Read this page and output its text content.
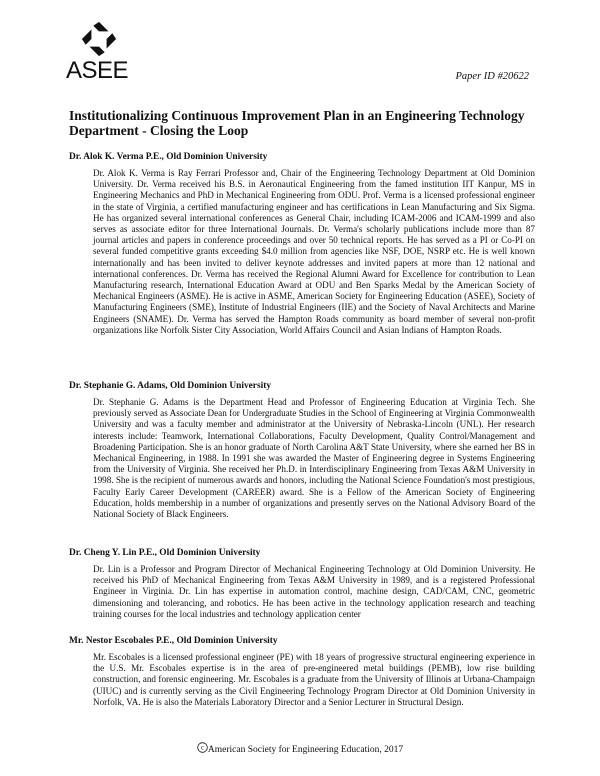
ASEE	Paper ID #20622
Institutionalizing Continuous Improvement Plan in an Engineering Technology Department - Closing the Loop

Dr. Alok K. Verma P.E., Old Dominion University

Dr. Alok K. Verma is Ray Ferrari Professor and, Chair of the Engineering Technology Department at Old Dominion University. Dr. Verma received his B.S. in Aeronautical Engineering from the famed institution IIT Kanpur, MS in Engineering Mechanics and PhD in Mechanical Engineering from ODU. Prof. Verma is a licensed professional engineer in the state of Virginia, a certified manufacturing engineer and has certifications in Lean Manufacturing and Six Sigma. He has organized several international conferences as General Chair, including ICAM-2006 and ICAM-1999 and also serves as associate editor for three International Journals. Dr. Verma's scholarly publications include more than 87 journal articles and papers in conference proceedings and over 50 technical reports. He has served as a PI or Co-PI on several funded competitive grants exceeding $4.0 million from agencies like NSF, DOE, NSRP etc. He is well known internationally and has been invited to deliver keynote addresses and invited papers at more than 12 national and international conferences. Dr. Verma has received the Regional Alumni Award for Excellence for contribution to Lean Manufacturing research, International Education Award at ODU and Ben Sparks Medal by the American Society of Mechanical Engineers (ASME). He is active in ASME, American Society for Engineering Education (ASEE), Society of Manufacturing Engineers (SME), Institute of Industrial Engineers (IIE) and the Society of Naval Architects and Marine Engineers (SNAME). Dr. Verma has served the Hampton Roads community as board member of several non-profit organizations like Norfolk Sister City Association, World Affairs Council and Asian Indians of Hampton Roads.

Dr. Stephanie G. Adams, Old Dominion University

Dr. Stephanie G. Adams is the Department Head and Professor of Engineering Education at Virginia Tech. She previously served as Associate Dean for Undergraduate Studies in the School of Engineering at Virginia Commonwealth University and was a faculty member and administrator at the University of Nebraska-Lincoln (UNL). Her research interests include: Teamwork, International Collaborations, Faculty Development, Quality Control/Management and Broadening Participation. She is an honor graduate of North Carolina A&T State University, where she earned her BS in Mechanical Engineering, in 1988. In 1991 she was awarded the Master of Engineering degree in Systems Engineering from the University of Virginia. She received her Ph.D. in Interdisciplinary Engineering from Texas A&M University in 1998. She is the recipient of numerous awards and honors, including the National Science Foundation's most prestigious, Faculty Early Career Development (CAREER) award. She is a Fellow of the American Society of Engineering Education, holds membership in a number of organizations and presently serves on the National Advisory Board of the National Society of Black Engineers.

Dr. Cheng Y. Lin P.E., Old Dominion University

Dr. Lin is a Professor and Program Director of Mechanical Engineering Technology at Old Dominion University. He received his PhD of Mechanical Engineering from Texas A&M University in 1989, and is a registered Professional Engineer in Virginia. Dr. Lin has expertise in automation control, machine design, CAD/CAM, CNC, geometric dimensioning and tolerancing, and robotics. He has been active in the technology application research and teaching training courses for the local industries and technology application center

Mr. Nestor Escobales P.E., Old Dominion University

Mr. Escobales is a licensed professional engineer (PE) with 18 years of progressive structural engineering experience in the U.S. Mr. Escobales expertise is in the area of pre-engineered metal buildings (PEMB), low rise building construction, and forensic engineering. Mr. Escobales is a graduate from the University of Illinois at Urbana-Champaign (UIUC) and is currently serving as the Civil Engineering Technology Program Director at Old Dominion University in Norfolk, VA. He is also the Materials Laboratory Director and a Senior Lecturer in Structural Design.

c American Society for Engineering Education, 2017
